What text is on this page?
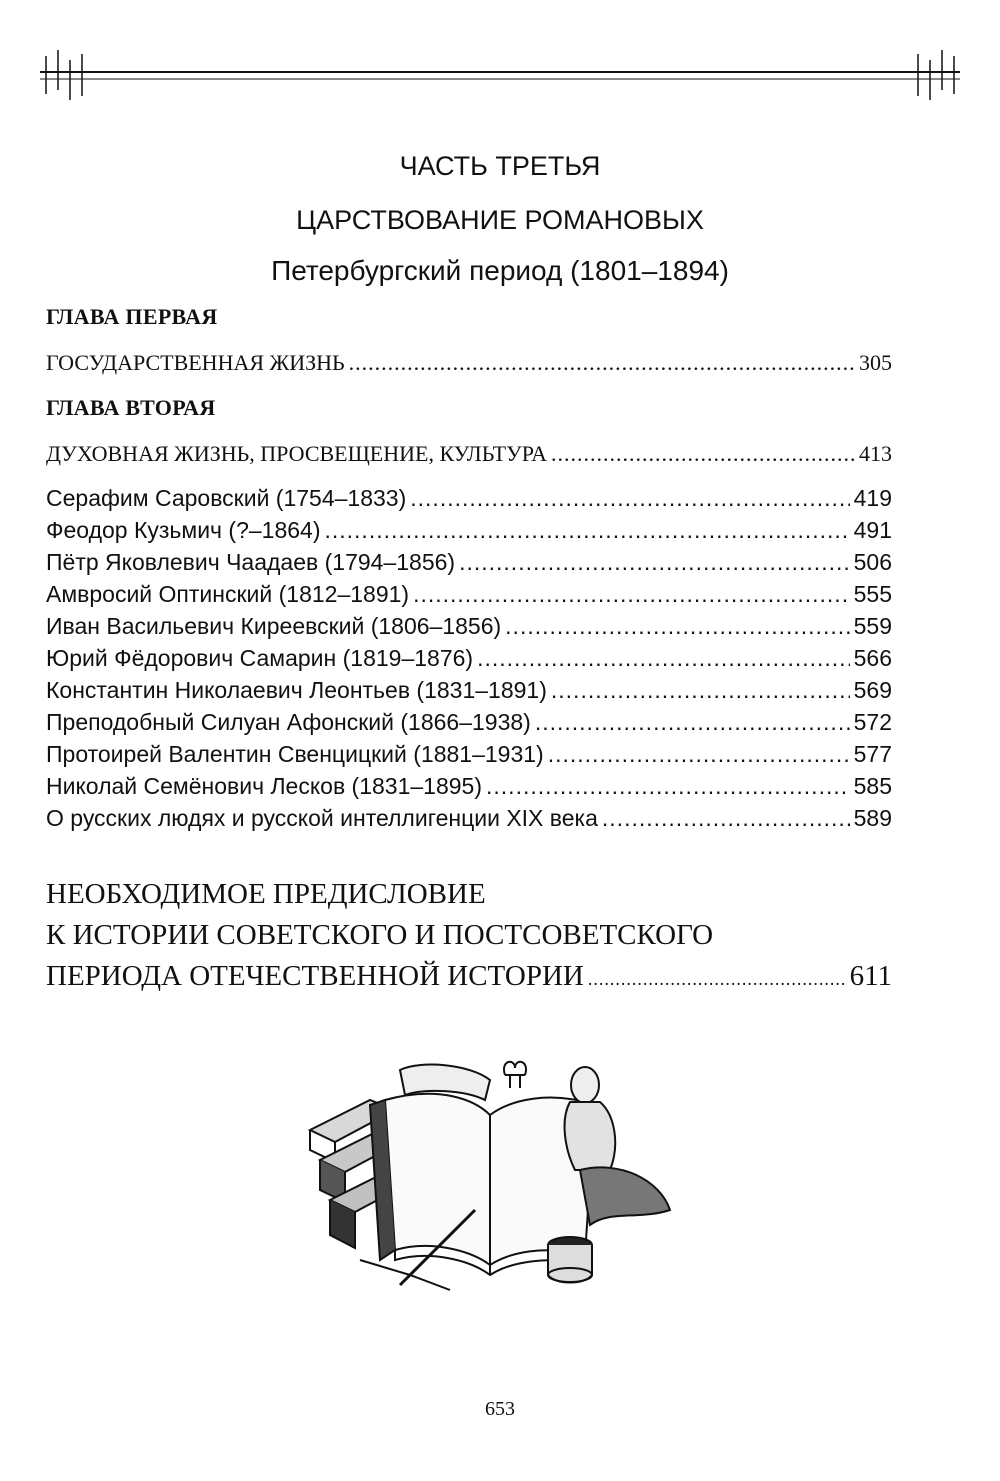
ЧАСТЬ ТРЕТЬЯ
ЦАРСТВОВАНИЕ РОМАНОВЫХ
Петербургский период (1801–1894)
ГЛАВА ПЕРВАЯ
ГОСУДАРСТВЕННАЯ ЖИЗНЬ .....	305
ГЛАВА ВТОРАЯ
ДУХОВНАЯ ЖИЗНЬ, ПРОСВЕЩЕНИЕ, КУЛЬТУРА .....	413
Серафим Саровский (1754–1833) .....	419
Феодор Кузьмич (?–1864) .....	491
Пётр Яковлевич Чаадаев (1794–1856) .....	506
Амвросий Оптинский (1812–1891) .....	555
Иван Васильевич Киреевский (1806–1856) .....	559
Юрий Фёдорович Самарин (1819–1876) .....	566
Константин Николаевич Леонтьев (1831–1891) .....	569
Преподобный Силуан Афонский (1866–1938) .....	572
Протоирей Валентин Свенцицкий (1881–1931) .....	577
Николай Семёнович Лесков (1831–1895) .....	585
О русских людях и русской интеллигенции XIX века .....	589
НЕОБХОДИМОЕ ПРЕДИСЛОВИЕ
К ИСТОРИИ СОВЕТСКОГО И ПОСТСОВЕТСКОГО
ПЕРИОДА ОТЕЧЕСТВЕННОЙ ИСТОРИИ .....	611
653
